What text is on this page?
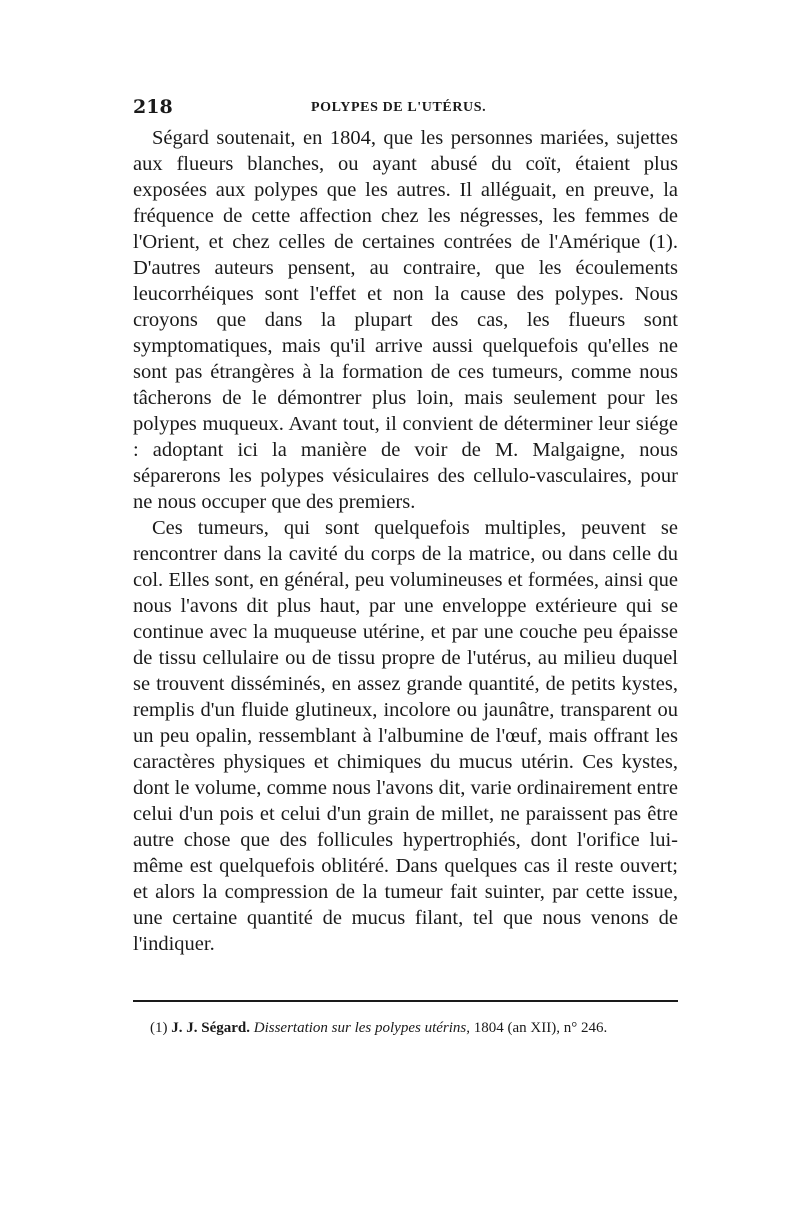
218	POLYPES DE L'UTÉRUS.

Ségard soutenait, en 1804, que les personnes mariées, sujettes aux flueurs blanches, ou ayant abusé du coït, étaient plus exposées aux polypes que les autres. Il alléguait, en preuve, la fréquence de cette affection chez les négresses, les femmes de l'Orient, et chez celles de certaines contrées de l'Amérique (1). D'autres auteurs pensent, au contraire, que les écoulements leucorrhéiques sont l'effet et non la cause des polypes. Nous croyons que dans la plupart des cas, les flueurs sont symptomatiques, mais qu'il arrive aussi quelquefois qu'elles ne sont pas étrangères à la formation de ces tumeurs, comme nous tâcherons de le démontrer plus loin, mais seulement pour les polypes muqueux. Avant tout, il convient de déterminer leur siége : adoptant ici la manière de voir de M. Malgaigne, nous séparerons les polypes vésiculaires des cellulo-vasculaires, pour ne nous occuper que des premiers.

Ces tumeurs, qui sont quelquefois multiples, peuvent se rencontrer dans la cavité du corps de la matrice, ou dans celle du col. Elles sont, en général, peu volumineuses et formées, ainsi que nous l'avons dit plus haut, par une enveloppe extérieure qui se continue avec la muqueuse utérine, et par une couche peu épaisse de tissu cellulaire ou de tissu propre de l'utérus, au milieu duquel se trouvent disséminés, en assez grande quantité, de petits kystes, remplis d'un fluide glutineux, incolore ou jaunâtre, transparent ou un peu opalin, ressemblant à l'albumine de l'œuf, mais offrant les caractères physiques et chimiques du mucus utérin. Ces kystes, dont le volume, comme nous l'avons dit, varie ordinairement entre celui d'un pois et celui d'un grain de millet, ne paraissent pas être autre chose que des follicules hypertrophiés, dont l'orifice lui-même est quelquefois oblitéré. Dans quelques cas il reste ouvert; et alors la compression de la tumeur fait suinter, par cette issue, une certaine quantité de mucus filant, tel que nous venons de l'indiquer.

(1) J. J. Ségard. Dissertation sur les polypes utérins, 1804 (an XII), n° 246.
